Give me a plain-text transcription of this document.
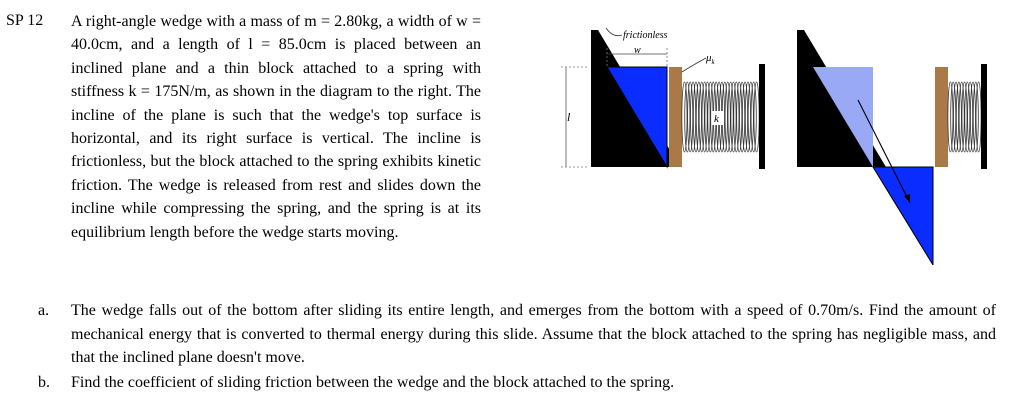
SP 12 A right-angle wedge with a mass of m = 2.80kg, a width of w = 40.0cm, and a length of l = 85.0cm is placed between an inclined plane and a thin block attached to a spring with stiffness k = 175N/m, as shown in the diagram to the right. The incline of the plane is such that the wedge's top surface is horizontal, and its right surface is vertical. The incline is frictionless, but the block attached to the spring exhibits kinetic friction. The wedge is released from rest and slides down the incline while compressing the spring, and the spring is at its equilibrium length before the wedge starts moving.

a. The wedge falls out of the bottom after sliding its entire length, and emerges from the bottom with a speed of 0.70m/s. Find the amount of mechanical energy that is converted to thermal energy during this slide. Assume that the block attached to the spring has negligible mass, and that the inclined plane doesn't move.
b. Find the coefficient of sliding friction between the wedge and the block attached to the spring.
l
w
frictionless
$\mu_k$
k
